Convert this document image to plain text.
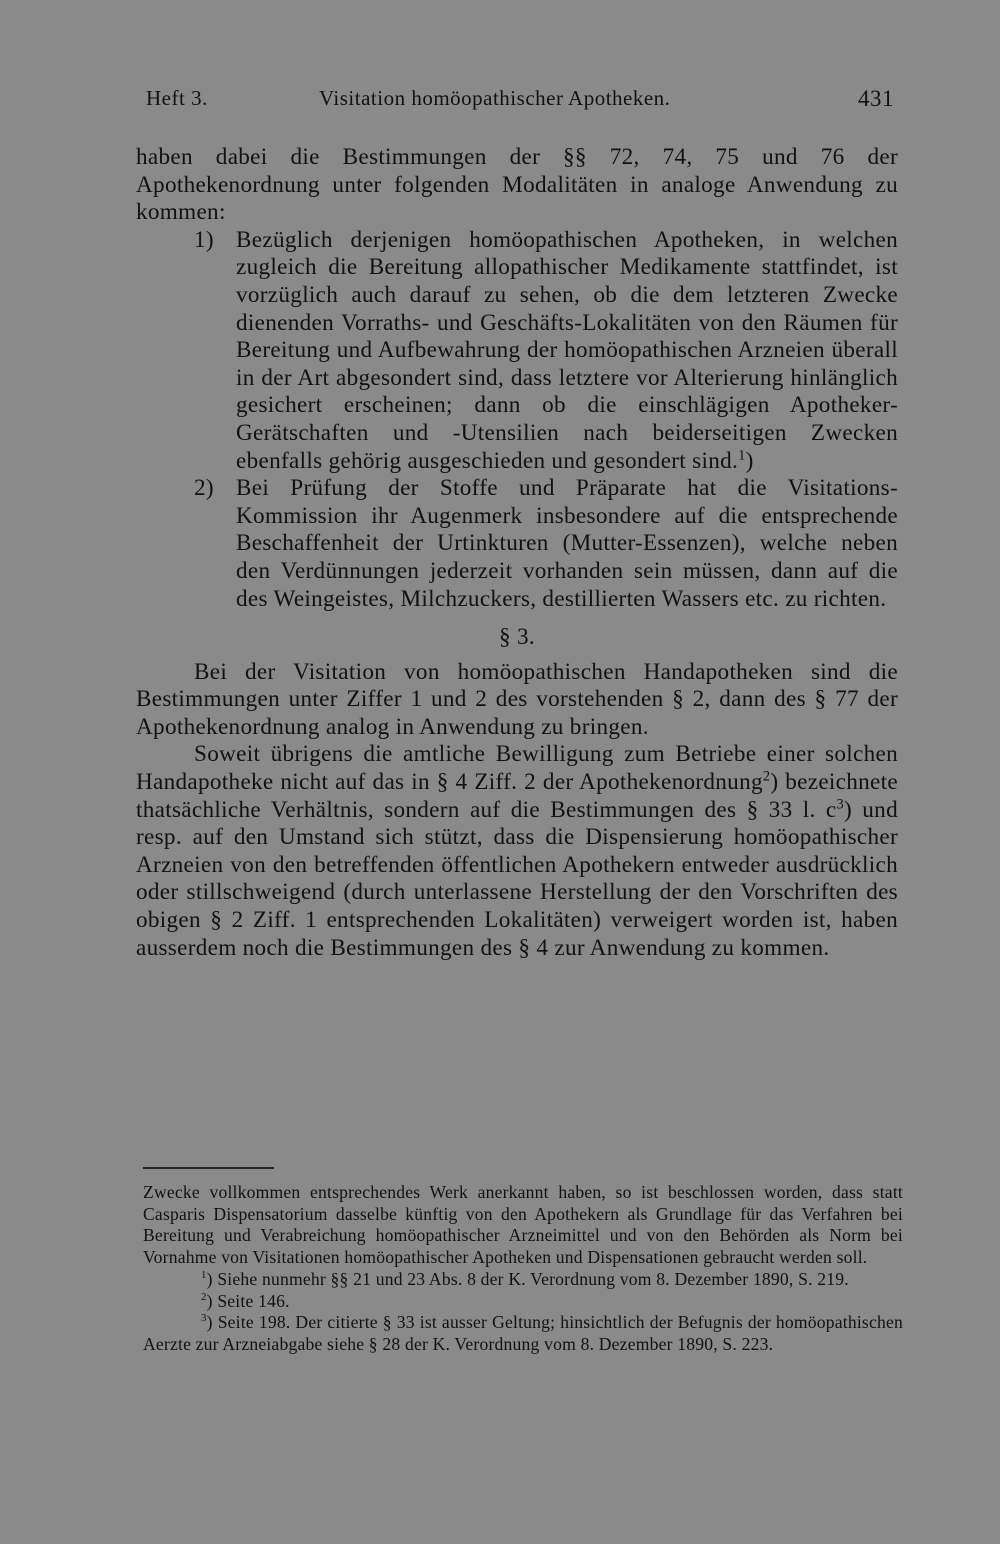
Heft 3.	Visitation homöopathischer Apotheken.	431

haben dabei die Bestimmungen der §§ 72, 74, 75 und 76 der Apothekenordnung unter folgenden Modalitäten in analoge Anwendung zu kommen:

1) Bezüglich derjenigen homöopathischen Apotheken, in welchen zugleich die Bereitung allopathischer Medikamente stattfindet, ist vorzüglich auch darauf zu sehen, ob die dem letzteren Zwecke dienenden Vorraths- und Geschäfts-Lokalitäten von den Räumen für Bereitung und Aufbewahrung der homöopathischen Arzneien überall in der Art abgesondert sind, dass letztere vor Alterierung hinlänglich gesichert erscheinen; dann ob die einschlägigen Apotheker-Gerätschaften und -Utensilien nach beiderseitigen Zwecken ebenfalls gehörig ausgeschieden und gesondert sind.$^1$)

2) Bei Prüfung der Stoffe und Präparate hat die Visitations-Kommission ihr Augenmerk insbesondere auf die entsprechende Beschaffenheit der Urtinkturen (Mutter-Essenzen), welche neben den Verdünnungen jederzeit vorhanden sein müssen, dann auf die des Weingeistes, Milchzuckers, destillierten Wassers etc. zu richten.

§ 3.

Bei der Visitation von homöopathischen Handapotheken sind die Bestimmungen unter Ziffer 1 und 2 des vorstehenden § 2, dann des § 77 der Apothekenordnung analog in Anwendung zu bringen.

Soweit übrigens die amtliche Bewilligung zum Betriebe einer solchen Handapotheke nicht auf das in § 4 Ziff. 2 der Apothekenordnung$^2$) bezeichnete thatsächliche Verhältnis, sondern auf die Bestimmungen des § 33 l. $c^3$) und resp. auf den Umstand sich stützt, dass die Dispensierung homöopathischer Arzneien von den betreffenden öffentlichen Apothekern entweder ausdrücklich oder stillschweigend (durch unterlassene Herstellung der den Vorschriften des obigen § 2 Ziff. 1 entsprechenden Lokalitäten) verweigert worden ist, haben ausserdem noch die Bestimmungen des § 4 zur Anwendung zu kommen.

Zwecke vollkommen entsprechendes Werk anerkannt haben, so ist beschlossen worden, dass statt Casparis Dispensatorium dasselbe künftig von den Apothekern als Grundlage für das Verfahren bei Bereitung und Verabreichung homöopathischer Arzneimittel und von den Behörden als Norm bei Vornahme von Visitationen homöopathischer Apotheken und Dispensationen gebraucht werden soll.

$^1$) Siehe nunmehr §§ 21 und 23 Abs. 8 der K. Verordnung vom 8. Dezember 1890, S. 219.

$^2$) Seite 146.

$^3$) Seite 198. Der citierte § 33 ist ausser Geltung; hinsichtlich der Befugnis der homöopathischen Aerzte zur Arzneiabgabe siehe § 28 der K. Verordnung vom 8. Dezember 1890, S. 223.
